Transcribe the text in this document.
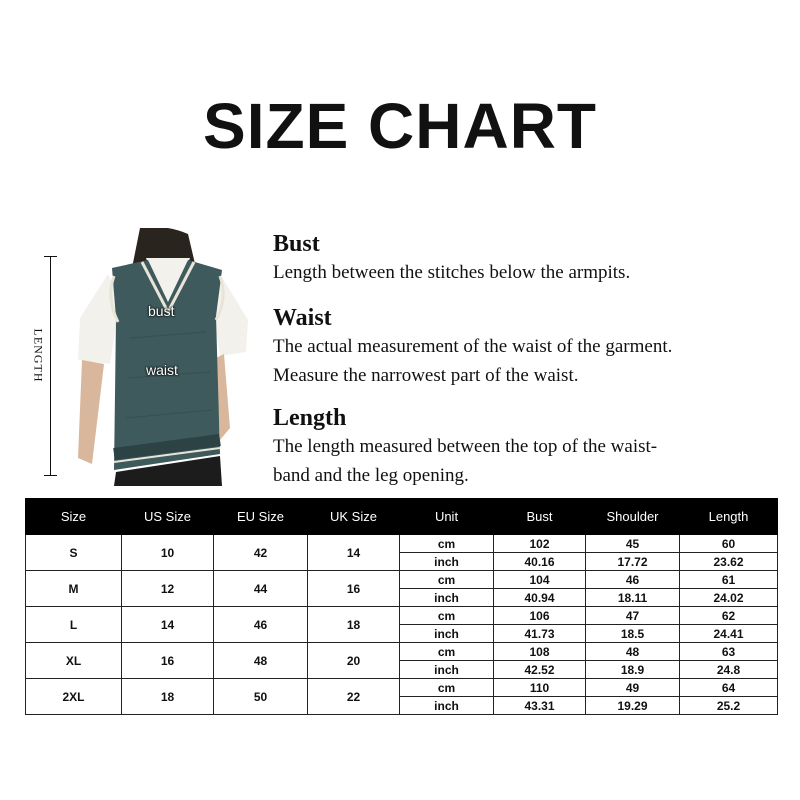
SIZE CHART
LENGTH
bust
waist
Bust
Length between the stitches below the armpits.
Waist
The actual measurement of the waist of the garment.
Measure the narrowest part of the waist.
Length
The length measured between the top of the waist-
band and the leg opening.
Size	US Size	EU Size	UK Size	Unit	Bust	Shoulder	Length
S	10	42	14	cm	102	45	60
				inch	40.16	17.72	23.62
M	12	44	16	cm	104	46	61
				inch	40.94	18.11	24.02
L	14	46	18	cm	106	47	62
				inch	41.73	18.5	24.41
XL	16	48	20	cm	108	48	63
				inch	42.52	18.9	24.8
2XL	18	50	22	cm	110	49	64
				inch	43.31	19.29	25.2
